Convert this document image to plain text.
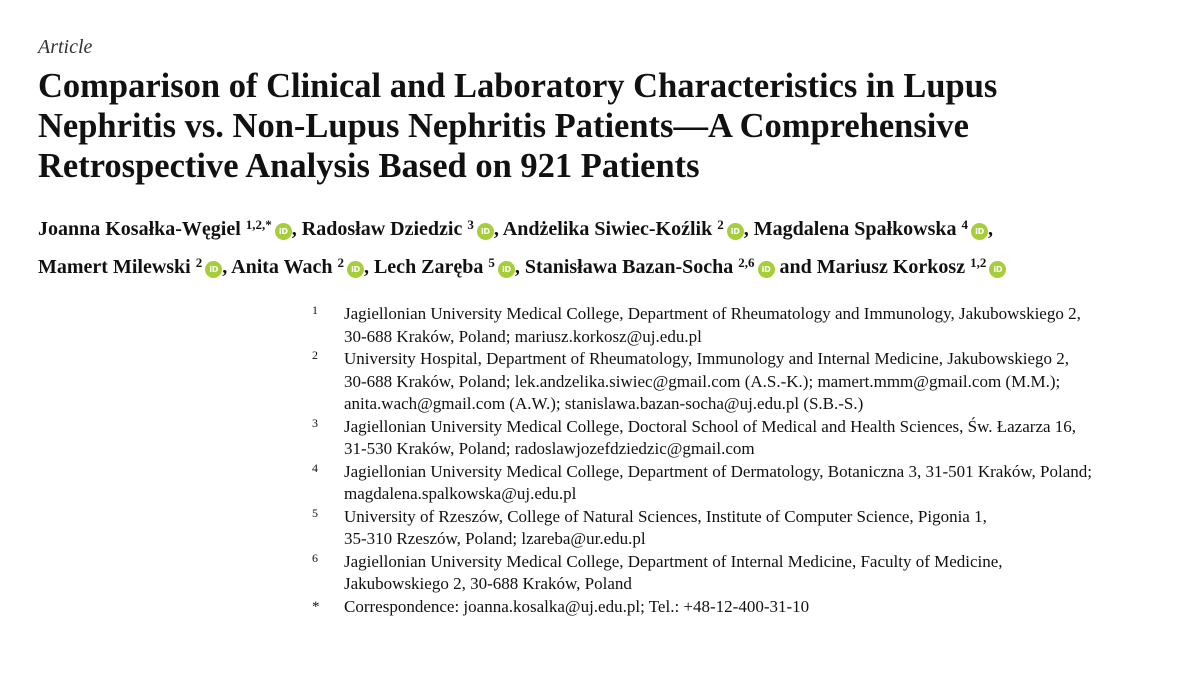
Article
Comparison of Clinical and Laboratory Characteristics in Lupus
Nephritis vs. Non-Lupus Nephritis Patients—A Comprehensive
Retrospective Analysis Based on 921 Patients
Joanna Kosałka-Węgiel $^{1,2,*}$ iD , Radosław Dziedzic $^3$ iD , Andżelika Siwiec-Koźlik $^2$ iD , Magdalena Spałkowska $^4$ iD ,
Mamert Milewski $^2$ iD , Anita Wach $^2$ iD , Lech Zaręba $^5$ iD , Stanisława Bazan-Socha $^{2,6}$ iD and Mariusz Korkosz $^{1,2}$ iD
1	Jagiellonian University Medical College, Department of Rheumatology and Immunology, Jakubowskiego 2,
30-688 Kraków, Poland; mariusz.korkosz@uj.edu.pl
2	University Hospital, Department of Rheumatology, Immunology and Internal Medicine, Jakubowskiego 2,
30-688 Kraków, Poland; lek.andzelika.siwiec@gmail.com (A.S.-K.); mamert.mmm@gmail.com (M.M.);
anita.wach@gmail.com (A.W.); stanislawa.bazan-socha@uj.edu.pl (S.B.-S.)
3	Jagiellonian University Medical College, Doctoral School of Medical and Health Sciences, Św. Łazarza 16,
31-530 Kraków, Poland; radoslawjozefdziedzic@gmail.com
4	Jagiellonian University Medical College, Department of Dermatology, Botaniczna 3, 31-501 Kraków, Poland;
magdalena.spalkowska@uj.edu.pl
5	University of Rzeszów, College of Natural Sciences, Institute of Computer Science, Pigonia 1,
35-310 Rzeszów, Poland; lzareba@ur.edu.pl
6	Jagiellonian University Medical College, Department of Internal Medicine, Faculty of Medicine,
Jakubowskiego 2, 30-688 Kraków, Poland
*	Correspondence: joanna.kosalka@uj.edu.pl; Tel.: +48-12-400-31-10
